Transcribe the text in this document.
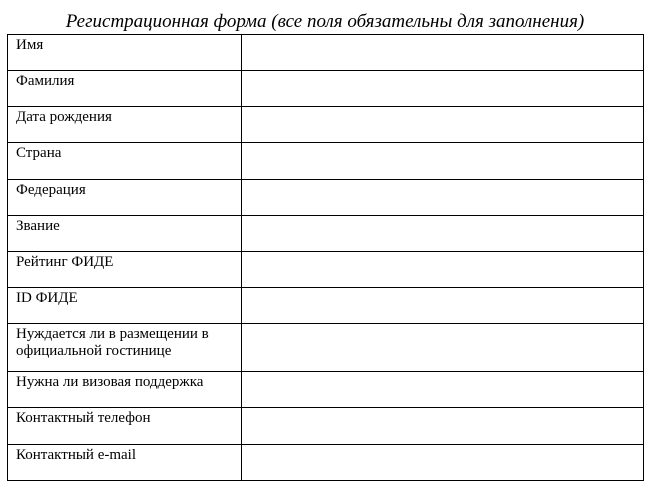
Регистрационная форма (все поля обязательны для заполнения)
Имя	
Фамилия	
Дата рождения	
Страна	
Федерация	
Звание	
Рейтинг ФИДЕ	
ID ФИДЕ	
Нуждается ли в размещении в официальной гостинице	
Нужна ли визовая поддержка	
Контактный телефон	
Контактный e-mail	
